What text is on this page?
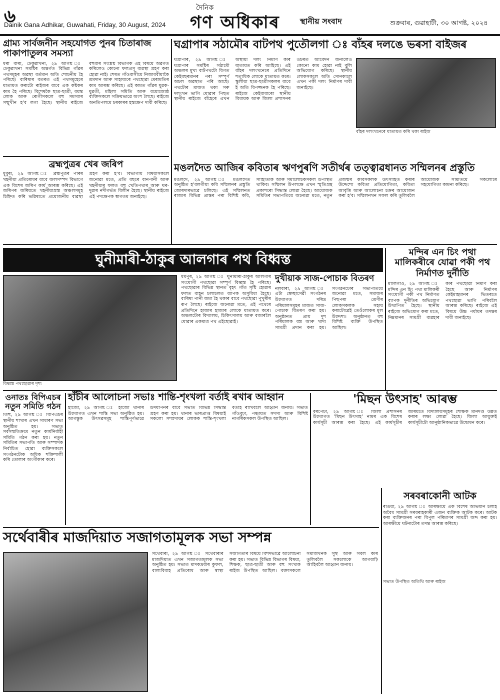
৬
Dainik Gana Adhikar, Guwahati, Friday, 30 August, 2024
দৈনিক
গণ অধিকাৰ	স্থানীয় সংবাদ	শুক্ৰবাৰ, গুৱাহাটী, ৩০ আগষ্ট, ২০২৪
গ্ৰাম্য সাৰ্বজনীন সহযোগত পুনৰ চিতাৰাজ পাকাপাতুলৰ সমস্যা
ধৰা বাৰী, ঢেকুৱাখনা, ২৯ আগষ্ট ঃ ঢেকুৱাখনা সমষ্টিৰ অন্তৰ্গত বিভিন্ন গাঁৱৰ পথসমূহৰ অৱস্থা বৰ্তমান অতি শোচনীয় হৈ পৰিছে। বাৰিষাৰ বতৰত এই পথসমূহেৰে যাতায়ত কৰাটো ৰাইজৰ বাবে এক কষ্টকৰ কাম হৈ পৰিছে। বিশেষকৈ ছাত্ৰ-ছাত্ৰী, বয়স্ক লোক আৰু ৰোগীসকলে বহু সমস্যাৰ সন্মুখীন হ'ব লগা হৈছে। স্থানীয় ৰাইজে বহুবাৰ সংশ্লিষ্ট বিভাগক এই বিষয়ে অৱগত কৰিলেও কোনো ফলপ্ৰসূ ব্যৱস্থা গ্ৰহণ কৰা হোৱা নাই। শেষত গাঁওবাসীয়ে নিজাববীয়াকৈ শ্ৰমদান আৰু সাহায্যৰে পথছোৱা মেৰামতিৰ কাম আৰম্ভ কৰিছে। এই কামত গাঁৱৰ যুৱক-যুৱতী, মহিলা সমিতি আৰু বয়োজ্যেষ্ঠ ব্যক্তিসকলে সক্ৰিয়ভাৱে অংশ লৈছে। ৰাইজে অনতিপলমে চৰকাৰৰ হস্তক্ষেপ দাবী কৰিছে।
ঘগ্ৰাপাৰ সঠামৌৰ বাটপথ পুতৌলগা ঃ ব্যঁহৰ দলঙে ভৰসা বাইজৰ
ঘগ্ৰাপাৰ, ২৯ আগষ্ট ঃ ঘগ্ৰাপাৰ সমষ্টিৰ সঠামৌ অঞ্চলৰ মুখ্য বাটপথটো বিগত কেইবছৰমানৰ পৰা সম্পূৰ্ণ অচল অৱস্থাত পৰি আছে। পথটোৰ মাজত থকা সৰু দলংখন ভাগি যোৱাৰ পিছত স্থানীয় ৰাইজে বাঁহেৰে এখন অস্থায়ী দলং নিৰ্মাণ কৰি যাতায়ত কৰি আহিছে। এই বাঁহৰ দলংখনেৰে প্ৰতিদিনে শতাধিক লোকে যাতায়ত কৰে। স্কুলীয়া ছাত্ৰ-ছাত্ৰীসকলৰ বাবে ই অতি বিপজ্জনক হৈ পৰিছে। ৰাইজে কেইবাবাৰো স্থানীয় বিধায়ক আৰু জিলা প্ৰশাসনৰ ওচৰত আবেদন জনালেও কোনো কাম হোৱা নাই বুলি অভিযোগ কৰিছে। স্থানীয় লোকসকলে অতি সোনকালে এখন পকী দলং নিৰ্মাণৰ দাবী জনাইছে।
বাঁহৰ দলংখনেৰে যাতায়ত কৰি থকা ৰাইজ
মঙলদৈত আজিৰ কবিতাৰ ঋণপুৰণি সতীৰ্থৰ তত্ত্বাৱধানত সম্মিলনৰ প্ৰস্তুতি
মঙলদৈ, ২৯ আগষ্ট ঃ মঙলদৈত অনুষ্ঠিত হ'বলগীয়া কবি সম্মিলনৰ প্ৰস্তুতি জোৰদাৰভাৱে চলিছে। এই সম্মিলনত ৰাজ্যৰ বিভিন্ন প্ৰান্তৰ পৰা বিশিষ্ট কবি, সাহিত্যিক আৰু সমালোচকসকল উপস্থিত থাকিব। সম্মিলন উপলক্ষে এখন স্মৃতিগ্ৰন্থ প্ৰকাশৰো সিদ্ধান্ত লোৱা হৈছে। আয়োজক সমিতিৰ সভাপতিয়ে জনোৱা মতে, নতুন প্ৰজন্মৰ কবিসকলক উৎসাহিত কৰাৰ উদ্দেশ্যে কবিতা প্ৰতিযোগিতা, কবিতা আবৃত্তি আৰু আলোচনা চক্ৰৰ আয়োজন কৰা হ'ব। সম্মিলনখন সফল কৰি তুলিবলৈ আয়োজক সমিতিয়ে সকলোৰে সহযোগিতা কামনা কৰিছে।
ব্ৰহ্মপুত্ৰৰ খেৰ জৰিপ
ধুবুৰী, ২৯ আগষ্ট ঃ ব্ৰহ্মপুত্ৰৰ পাৰৰ খহনীয়া প্ৰতিৰোধৰ বাবে জলসম্পদ বিভাগে এক বিশেষ জৰিপ কাৰ্য আৰম্ভ কৰিছে। এই জৰিপৰ জৰিয়তে খহনীয়াগ্ৰস্ত অঞ্চলসমূহ চিহ্নিত কৰি ভৱিষ্যতে প্ৰয়োজনীয় ব্যৱস্থা গ্ৰহণ কৰা হ'ব। বিভাগীয় বিষয়াসকলে জনোৱা মতে, প্ৰতি বছৰে বানপানী আৰু খহনীয়াৰ ফলত বহু খেতিপথাৰ আৰু ঘৰ-দুৱাৰ নদীগৰ্ভত বিলীন হৈছে। স্থানীয় ৰাইজে এই পদক্ষেপক স্বাগতম জনাইছে।
ঘুনীমাৰী-ঠাকুৰ আলগাৰ পথ বিধ্বস্ত
বিধ্বস্ত পথছোৱাৰ দৃশ্য
ধৰ্মপুৰ, ২৯ আগষ্ট ঃ ঘুনীমাৰী-ঠাকুৰ আলগাৰ সংযোগী পথছোৱা সম্পূৰ্ণ বিধ্বস্ত হৈ পৰিছে। পথছোৱাৰ বিভিন্ন স্থানত বৃহৎ গাঁত সৃষ্টি হোৱাৰ ফলত বাহন চলাচলত ব্যাপক অসুবিধা হৈছে। বাৰিষা পানী জমা হৈ থকাৰ বাবে পথছোৱা পুখুৰীৰ ৰূপ লৈছে। ৰাইজে জনোৱা মতে, এই পথেৰে প্ৰতিদিনে হাজাৰ হাজাৰ লোকে যাতায়ত কৰে। অঞ্চলটোৰ বিদ্যালয়, চিকিৎসালয় আৰু বজাৰলৈ যোৱাৰ একমাত্ৰ পথ এইছোৱাই।
দুখীয়াক সাজ-পোচাক বিতৰণ
নলবাৰী, ২৯ আগষ্ট ঃ এটা স্বেচ্ছাসেৱী সংগঠনৰ উদ্যোগত দৰিদ্ৰ পৰিয়ালসমূহৰ মাজত সাজ-পোচাক বিতৰণ কৰা হয়। অনুষ্ঠানত প্ৰায় দুশ পৰিয়ালক বস্ত্ৰ আৰু খাদ্য সামগ্ৰী প্ৰদান কৰা হয়। সংগঠনটোৰ সভাপতিয়ে জনোৱা মতে, সমাজৰ পিছপৰা শ্ৰেণীৰ লোকসকলক সহায় কৰাটোৱেই তেওঁলোকৰ মূল উদ্দেশ্য। অনুষ্ঠানত বহু বিশিষ্ট ব্যক্তি উপস্থিত আছিল।
মন্দিৰ এন চিং পথা মালিকৰীৰে যোৱা পকী পথ নিৰ্মাণত দুৰ্নীতি
মালিগাঁও, ২৯ আগষ্ট ঃ মন্দিৰ এন চিং পথা মালিকৰী সংযোগী পকী পথ নিৰ্মাণত ব্যাপক দুৰ্নীতিৰ অভিযোগ উত্থাপিত হৈছে। স্থানীয় ৰাইজে অভিযোগ কৰা মতে, নিম্নমানৰ সামগ্ৰী ব্যৱহাৰ কৰি পথছোৱা নিৰ্মাণ কৰা হৈছে আৰু নিৰ্মাণৰ কেইমাহমানৰ ভিতৰতে পথছোৱা ভাগি পৰিবলৈ আৰম্ভ কৰিছে। ৰাইজে এই বিষয়ে উচ্চ পৰ্যায়ৰ তদন্তৰ দাবী জনাইছে।
ওনাতঃ বিপিএচৰ নতুন সমিতি গঠন
তিহু, ২৯ আগষ্ট ঃ বিপিএচৰ স্থানীয় শাখাৰ এখন সাধাৰণ সভা অনুষ্ঠিত হয়। সভাত সৰ্বসন্মতিক্ৰমে নতুন কাৰ্যনিৰ্বাহী সমিতি গঠন কৰা হয়। নতুন সমিতিৰ সভাপতি আৰু সম্পাদক নিৰ্বাচিত হোৱা ব্যক্তিসকলে সংগঠনটোক অধিক শক্তিশালী কৰি তোলাৰ অংগীকাৰ কৰে।
হাঁচীৰ আলোচনা সভাঃ শান্তি-শৃংখলা বৰ্তাই ৰখাৰ আহ্বান
হাজো, ২৯ আগষ্ট ঃ হাজো থানাৰ উদ্যোগত এখন শান্তি সভা অনুষ্ঠিত হয়। আগন্তুক উৎসৱসমূহ শান্তিপূৰ্ণভাৱে উদযাপনৰ বাবে সভাত বিভিন্ন সিদ্ধান্ত গ্ৰহণ কৰা হয়। থানাৰ ভাৰপ্ৰাপ্ত বিষয়াই সকলো সম্প্ৰদায়ৰ লোকক শান্তি-শৃংখলা বৰ্তাই ৰাখিবলৈ আহ্বান জনায়। সভাত গাঁওবুঢ়া, পঞ্চায়ত সদস্য আৰু বিশিষ্ট নাগৰিকসকল উপস্থিত আছিল।
'মিছন উৎসাহ' আৰম্ভ
বৰপেটা, ২৯ আগষ্ট ঃ জিলা প্ৰশাসনৰ উদ্যোগত 'মিছন উৎসাহ' নামৰ এক বিশেষ কাৰ্যসূচী আৰম্ভ কৰা হৈছে। এই কাৰ্যসূচীৰ জৰিয়তে বিদ্যালয়সমূহৰ শৈক্ষিক মানদণ্ড উন্নত কৰাৰ লক্ষ্য লোৱা হৈছে। জিলা আয়ুক্তই কাৰ্যসূচীটো আনুষ্ঠানিকভাৱে উদ্বোধন কৰে।
সৰবৰাকোনী আটক
ৰঙিয়া, ২৯ আগষ্ট ঃ আৰক্ষীয়ে এক বিশেষ অভিযান চলাই অবৈধ সামগ্ৰী সৰবৰাহকাৰী এজন ব্যক্তিক আটক কৰে। আটক কৰা ব্যক্তিজনৰ পৰা বিপুল পৰিমাণৰ সামগ্ৰী জব্দ কৰা হয়। আৰক্ষীয়ে ঘটনাটোৰ তদন্ত আৰম্ভ কৰিছে।
সৰ্থেবাৰীৰ মাজদিয়াত সজাগতামূলক সভা সম্পন্ন
সৰ্থেবাৰী, ২৯ আগষ্ট ঃ সৰ্থেবাৰীৰ মাজদিয়াত এখন সজাগতামূলক সভা অনুষ্ঠিত হয়। সভাত মাদকদ্ৰব্যৰ কুফল, বাল্যবিবাহ প্ৰতিৰোধ আৰু স্বাস্থ্য সজাগতাৰ বিষয়ে বিশদভাৱে আলোচনা কৰা হয়। সভাত বিভিন্ন বিভাগৰ বিষয়া, শিক্ষক, ছাত্ৰ-ছাত্ৰী আৰু বহু সংখ্যক ৰাইজ উপস্থিত আছিল। বক্তাসকলে সমাজখনক সুস্থ আৰু সবল কৰি তুলিবলৈ সকলোকে আগবাঢ়ি আহিবলৈ আহ্বান জনায়।
সভাত উপস্থিত অতিথি আৰু ৰাইজ
